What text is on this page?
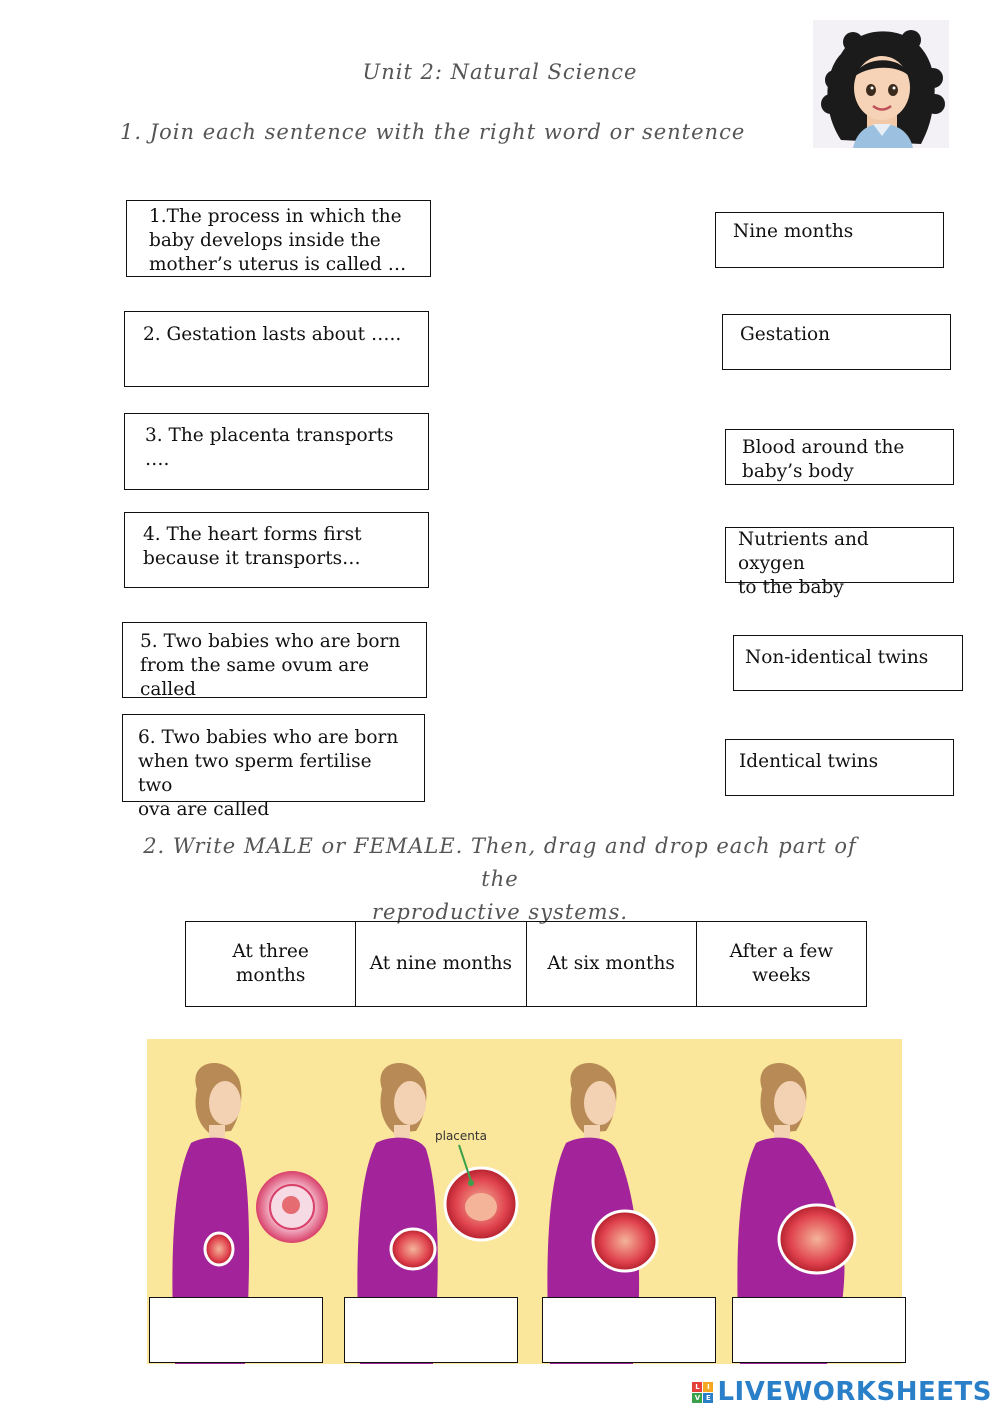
Unit 2: Natural Science
1. Join each sentence with the right word or sentence
1.The process in which the
baby develops inside the
mother’s uterus is called …
2. Gestation lasts about …..
3. The placenta transports ….
4. The heart forms first
because it transports…
5. Two babies who are born
from the same ovum are called
6. Two babies who are born
when two sperm fertilise two
ova are called
Nine months
Gestation
Blood around the
baby’s body
Nutrients and oxygen
to the baby
Non-identical twins
Identical twins
2. Write MALE or FEMALE. Then, drag and drop each part of the
reproductive systems.
At three months
At nine months	At six months
After a few
weeks
placenta
L	I
V E LIVEWORKSHEETS
